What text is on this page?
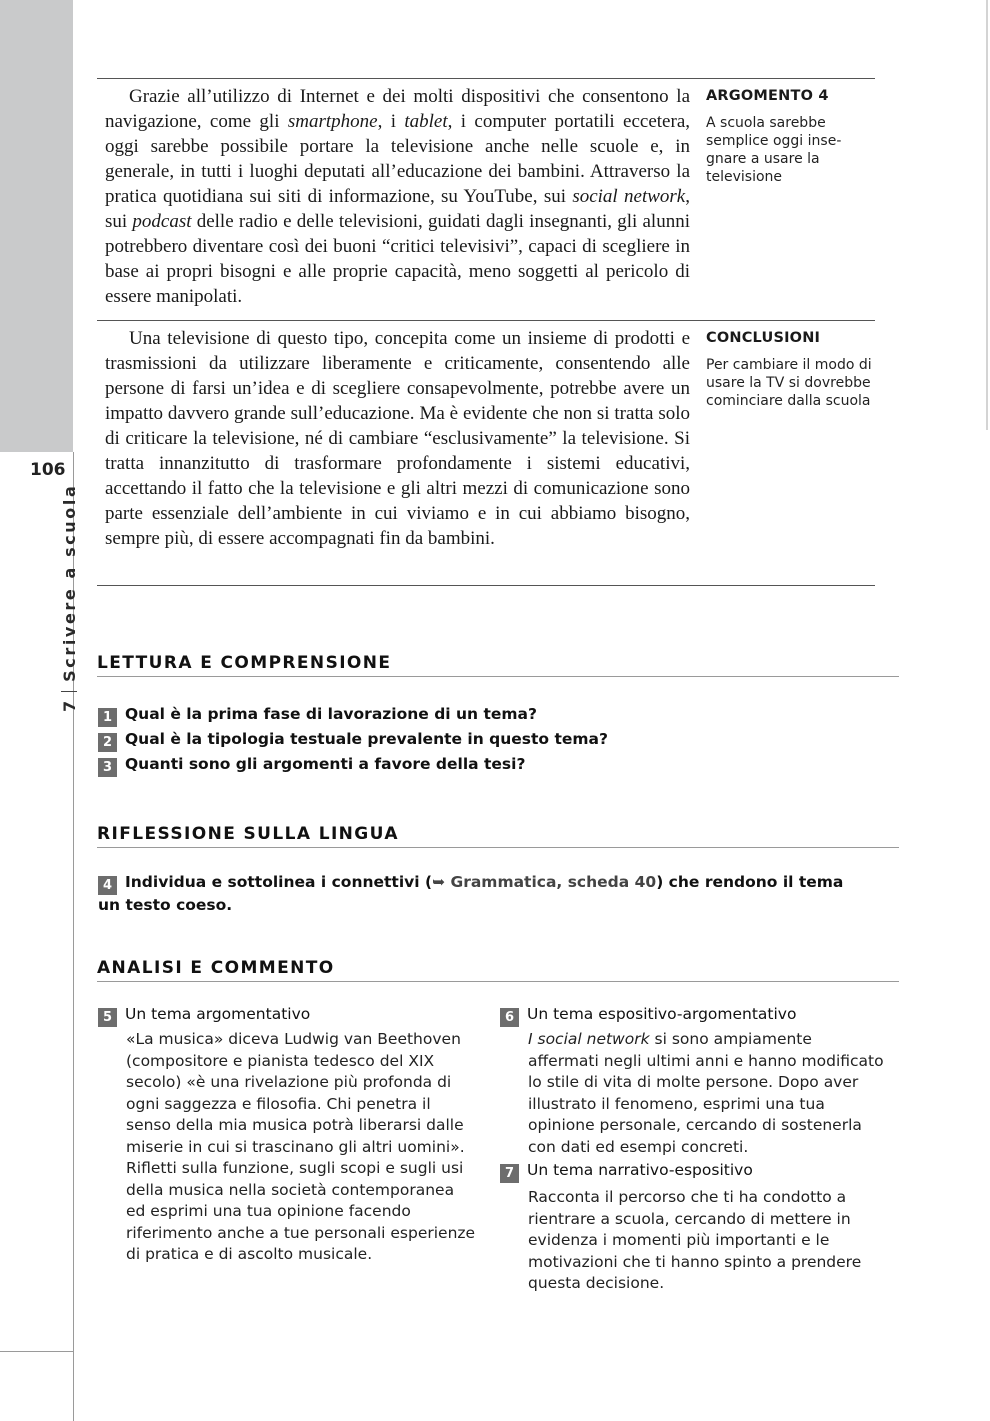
106
7Scrivere a scuola

Grazie all’utilizzo di Internet e dei molti dispositivi che consentono la navigazione, come gli smartphone, i tablet, i computer portatili eccetera, oggi sarebbe possibile portare la televisione anche nelle scuole e, in generale, in tutti i luoghi deputati all’educazione dei bambini. Attraverso la pratica quotidiana sui siti di informazione, su YouTube, sui social network, sui podcast delle radio e delle televisioni, guidati dagli insegnanti, gli alunni potrebbero diventare così dei buoni “critici televisivi”, capaci di scegliere in base ai propri bisogni e alle proprie capacità, meno soggetti al pericolo di essere manipolati.

ARGOMENTO 4
A scuola sarebbe semplice oggi inse-gnare a usare la televisione

Una televisione di questo tipo, concepita come un insieme di prodotti e trasmissioni da utilizzare liberamente e criticamente, consentendo alle persone di farsi un’idea e di scegliere consapevolmente, potrebbe avere un impatto davvero grande sull’educazione. Ma è evidente che non si tratta solo di criticare la televisione, né di cambiare “esclusivamente” la televisione. Si tratta innanzitutto di trasformare profondamente i sistemi educativi, accettando il fatto che la televisione e gli altri mezzi di comunicazione sono parte essenziale dell’ambiente in cui viviamo e in cui abbiamo bisogno, sempre più, di essere accompagnati fin da bambini.

CONCLUSIONI
Per cambiare il modo di usare la TV si dovrebbe cominciare dalla scuola
LETTURA E COMPRENSIONE
1 Qual è la prima fase di lavorazione di un tema?
2 Qual è la tipologia testuale prevalente in questo tema?
3 Quanti sono gli argomenti a favore della tesi?
RIFLESSIONE SULLA LINGUA
4 Individua e sottolinea i connettivi (➥ Grammatica, scheda 40) che rendono il tema un testo coeso.
ANALISI E COMMENTO
5 Un tema argomentativo
«La musica» diceva Ludwig van Beethoven (compositore e pianista tedesco del XIX secolo) «è una rivelazione più profonda di ogni saggezza e filosofia. Chi penetra il senso della mia musica potrà liberarsi dalle miserie in cui si trascinano gli altri uomini». Rifletti sulla funzione, sugli scopi e sugli usi della musica nella società contemporanea ed esprimi una tua opinione facendo riferimento anche a tue personali esperienze di pratica e di ascolto musicale.
6 Un tema espositivo-argomentativo
I social network si sono ampiamente affermati negli ultimi anni e hanno modificato lo stile di vita di molte persone. Dopo aver illustrato il fenomeno, esprimi una tua opinione personale, cercando di sostenerla con dati ed esempi concreti.
7 Un tema narrativo-espositivo
Racconta il percorso che ti ha condotto a rientrare a scuola, cercando di mettere in evidenza i momenti più importanti e le motivazioni che ti hanno spinto a prendere questa decisione.
